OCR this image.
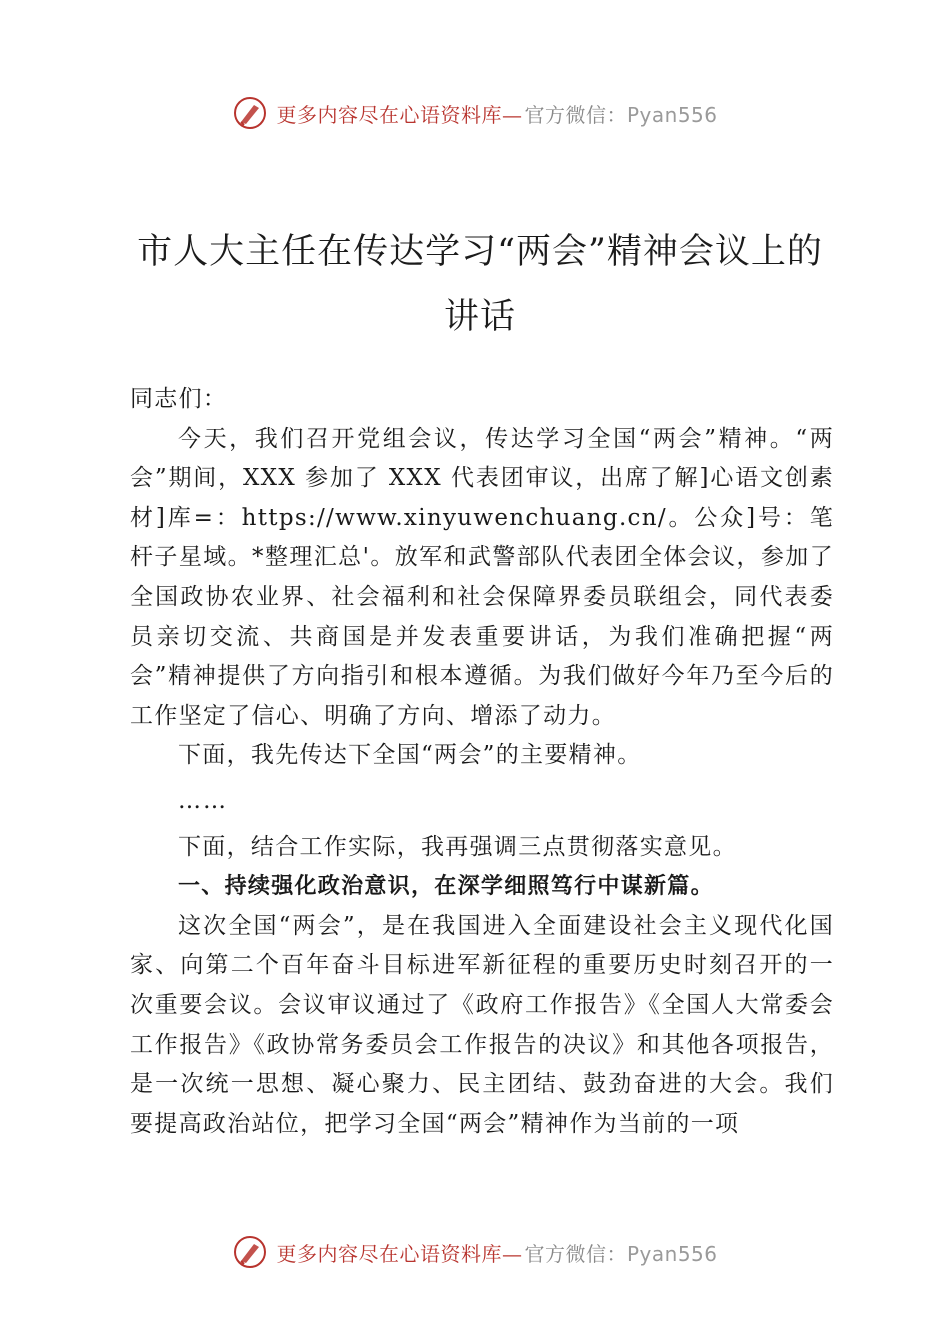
更多内容尽在心语资料库— 官方微信：Pyan556
市人大主任在传达学习“两会”精神会议上的
讲话

同志们：

今天，我们召开党组会议，传达学习全国“两会”精神。“两会”期间，XXX 参加了 XXX 代表团审议，出席了解]心语文创素材]库=：https://www.xinyuwenchuang.cn/。公众]号：笔杆子星域。*整理汇总'。放军和武警部队代表团全体会议，参加了全国政协农业界、社会福利和社会保障界委员联组会，同代表委员亲切交流、共商国是并发表重要讲话，为我们准确把握“两会”精神提供了方向指引和根本遵循。为我们做好今年乃至今后的工作坚定了信心、明确了方向、增添了动力。

下面，我先传达下全国“两会”的主要精神。

……

下面，结合工作实际，我再强调三点贯彻落实意见。

一、持续强化政治意识，在深学细照笃行中谋新篇。

这次全国“两会”，是在我国进入全面建设社会主义现代化国家、向第二个百年奋斗目标进军新征程的重要历史时刻召开的一次重要会议。会议审议通过了《政府工作报告》《全国人大常委会工作报告》《政协常务委员会工作报告的决议》和其他各项报告，是一次统一思想、凝心聚力、民主团结、鼓劲奋进的大会。我们要提高政治站位，把学习全国“两会”精神作为当前的一项

更多内容尽在心语资料库— 官方微信：Pyan556
